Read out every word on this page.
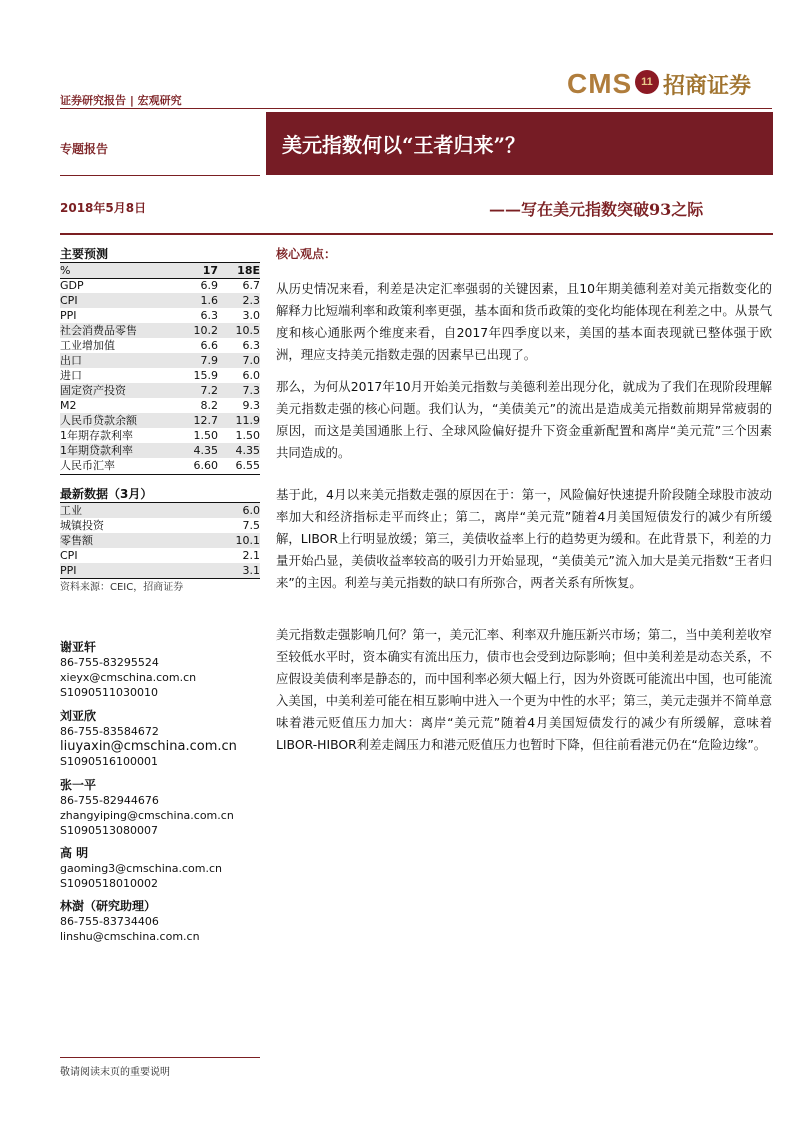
证券研究报告 | 宏观研究
CMS 11 招商证券
专题报告	美元指数何以“王者归来”？
2018年5月8日	——写在美元指数突破93之际
主要预测
%	17	18E
GDP	6.9	6.7
CPI	1.6	2.3
PPI	6.3	3.0
社会消费品零售	10.2	10.5
工业增加值	6.6	6.3
出口	7.9	7.0
进口	15.9	6.0
固定资产投资	7.2	7.3
M2	8.2	9.3
人民币贷款余额	12.7	11.9
1年期存款利率	1.50	1.50
1年期贷款利率	4.35	4.35
人民币汇率	6.60	6.55
最新数据（3月）
工业	6.0
城镇投资	7.5
零售额	10.1
CPI	2.1
PPI	3.1
资料来源：CEIC，招商证券
谢亚轩
86-755-83295524
xieyx@cmschina.com.cn
S1090511030010
刘亚欣
86-755-83584672
liuyaxin@cmschina.com.cn
S1090516100001
张一平
86-755-82944676
zhangyiping@cmschina.com.cn
S1090513080007
高 明
gaoming3@cmschina.com.cn
S1090518010002
林澍（研究助理）
86-755-83734406
linshu@cmschina.com.cn
核心观点：
从历史情况来看，利差是决定汇率强弱的关键因素，且10年期美德利差对美元指数变化的解释力比短端利率和政策利率更强，基本面和货币政策的变化均能体现在利差之中。从景气度和核心通胀两个维度来看，自2017年四季度以来，美国的基本面表现就已整体强于欧洲，理应支持美元指数走强的因素早已出现了。
那么，为何从2017年10月开始美元指数与美德利差出现分化，就成为了我们在现阶段理解美元指数走强的核心问题。我们认为，“美债美元”的流出是造成美元指数前期异常疲弱的原因，而这是美国通胀上行、全球风险偏好提升下资金重新配置和离岸“美元荒”三个因素共同造成的。
基于此，4月以来美元指数走强的原因在于：第一，风险偏好快速提升阶段随全球股市波动率加大和经济指标走平而终止；第二，离岸“美元荒”随着4月美国短债发行的减少有所缓解，LIBOR上行明显放缓；第三，美债收益率上行的趋势更为缓和。在此背景下，利差的力量开始凸显，美债收益率较高的吸引力开始显现，“美债美元”流入加大是美元指数“王者归来”的主因。利差与美元指数的缺口有所弥合，两者关系有所恢复。
美元指数走强影响几何？第一，美元汇率、利率双升施压新兴市场；第二，当中美利差收窄至较低水平时，资本确实有流出压力，债市也会受到边际影响；但中美利差是动态关系，不应假设美债利率是静态的，而中国利率必须大幅上行，因为外资既可能流出中国，也可能流入美国，中美利差可能在相互影响中进入一个更为中性的水平；第三，美元走强并不简单意味着港元贬值压力加大：离岸“美元荒”随着4月美国短债发行的减少有所缓解，意味着LIBOR-HIBOR利差走阔压力和港元贬值压力也暂时下降，但往前看港元仍在“危险边缘”。
敬请阅读末页的重要说明
